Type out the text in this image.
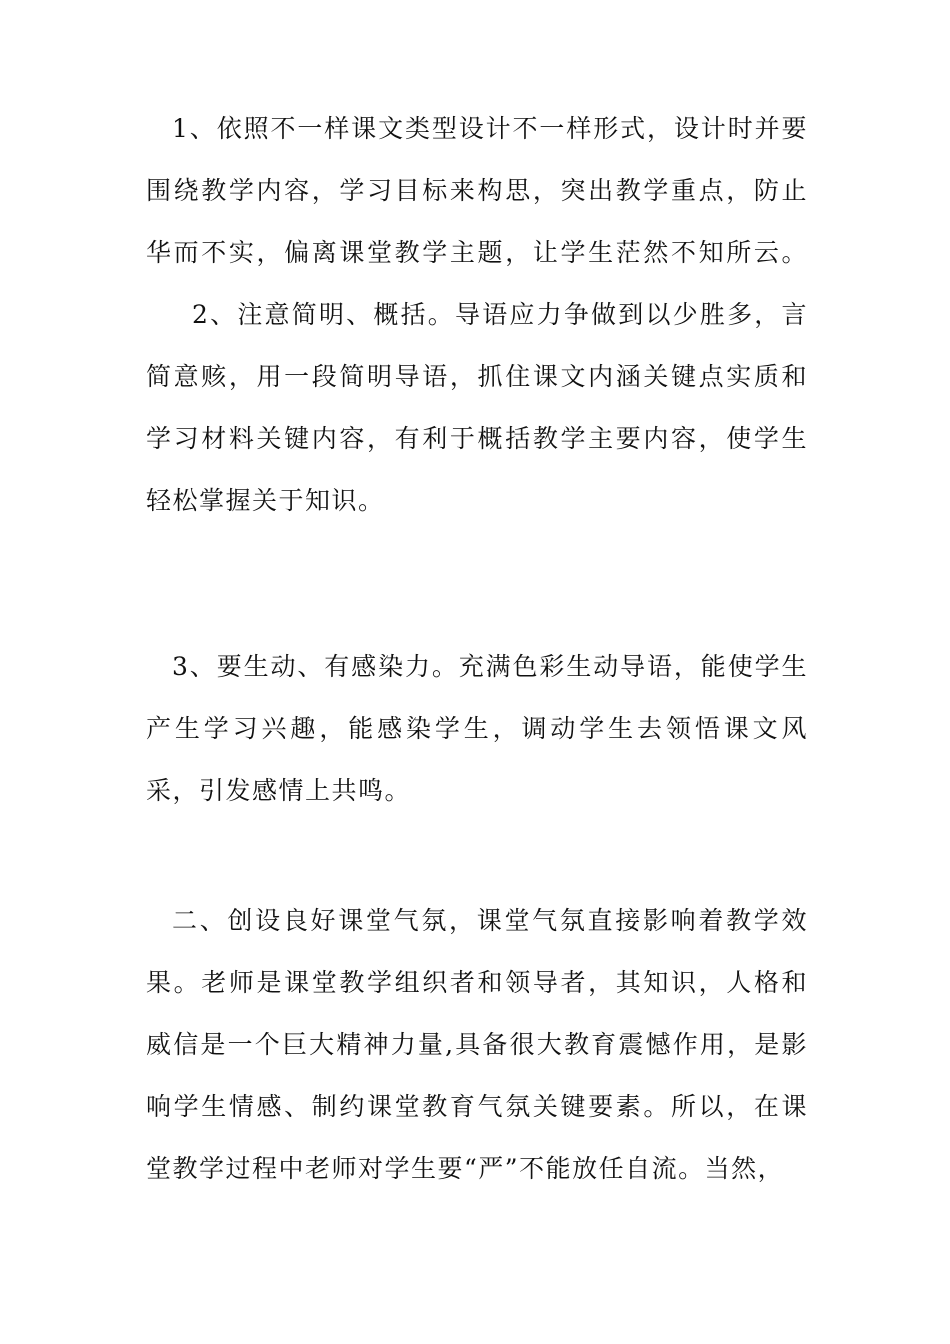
1、依照不一样课文类型设计不一样形式，设计时并要围绕教学内容，学习目标来构思，突出教学重点，防止华而不实，偏离课堂教学主题，让学生茫然不知所云。2、注意简明、概括。导语应力争做到以少胜多，言简意赅，用一段简明导语，抓住课文内涵关键点实质和学习材料关键内容，有利于概括教学主要内容，使学生轻松掌握关于知识。

3、要生动、有感染力。充满色彩生动导语，能使学生产生学习兴趣，能感染学生，调动学生去领悟课文风采，引发感情上共鸣。

二、创设良好课堂气氛，课堂气氛直接影响着教学效果。老师是课堂教学组织者和领导者，其知识，人格和威信是一个巨大精神力量,具备很大教育震憾作用，是影响学生情感、制约课堂教育气氛关键要素。所以，在课堂教学过程中老师对学生要“严”不能放任自流。当然，
